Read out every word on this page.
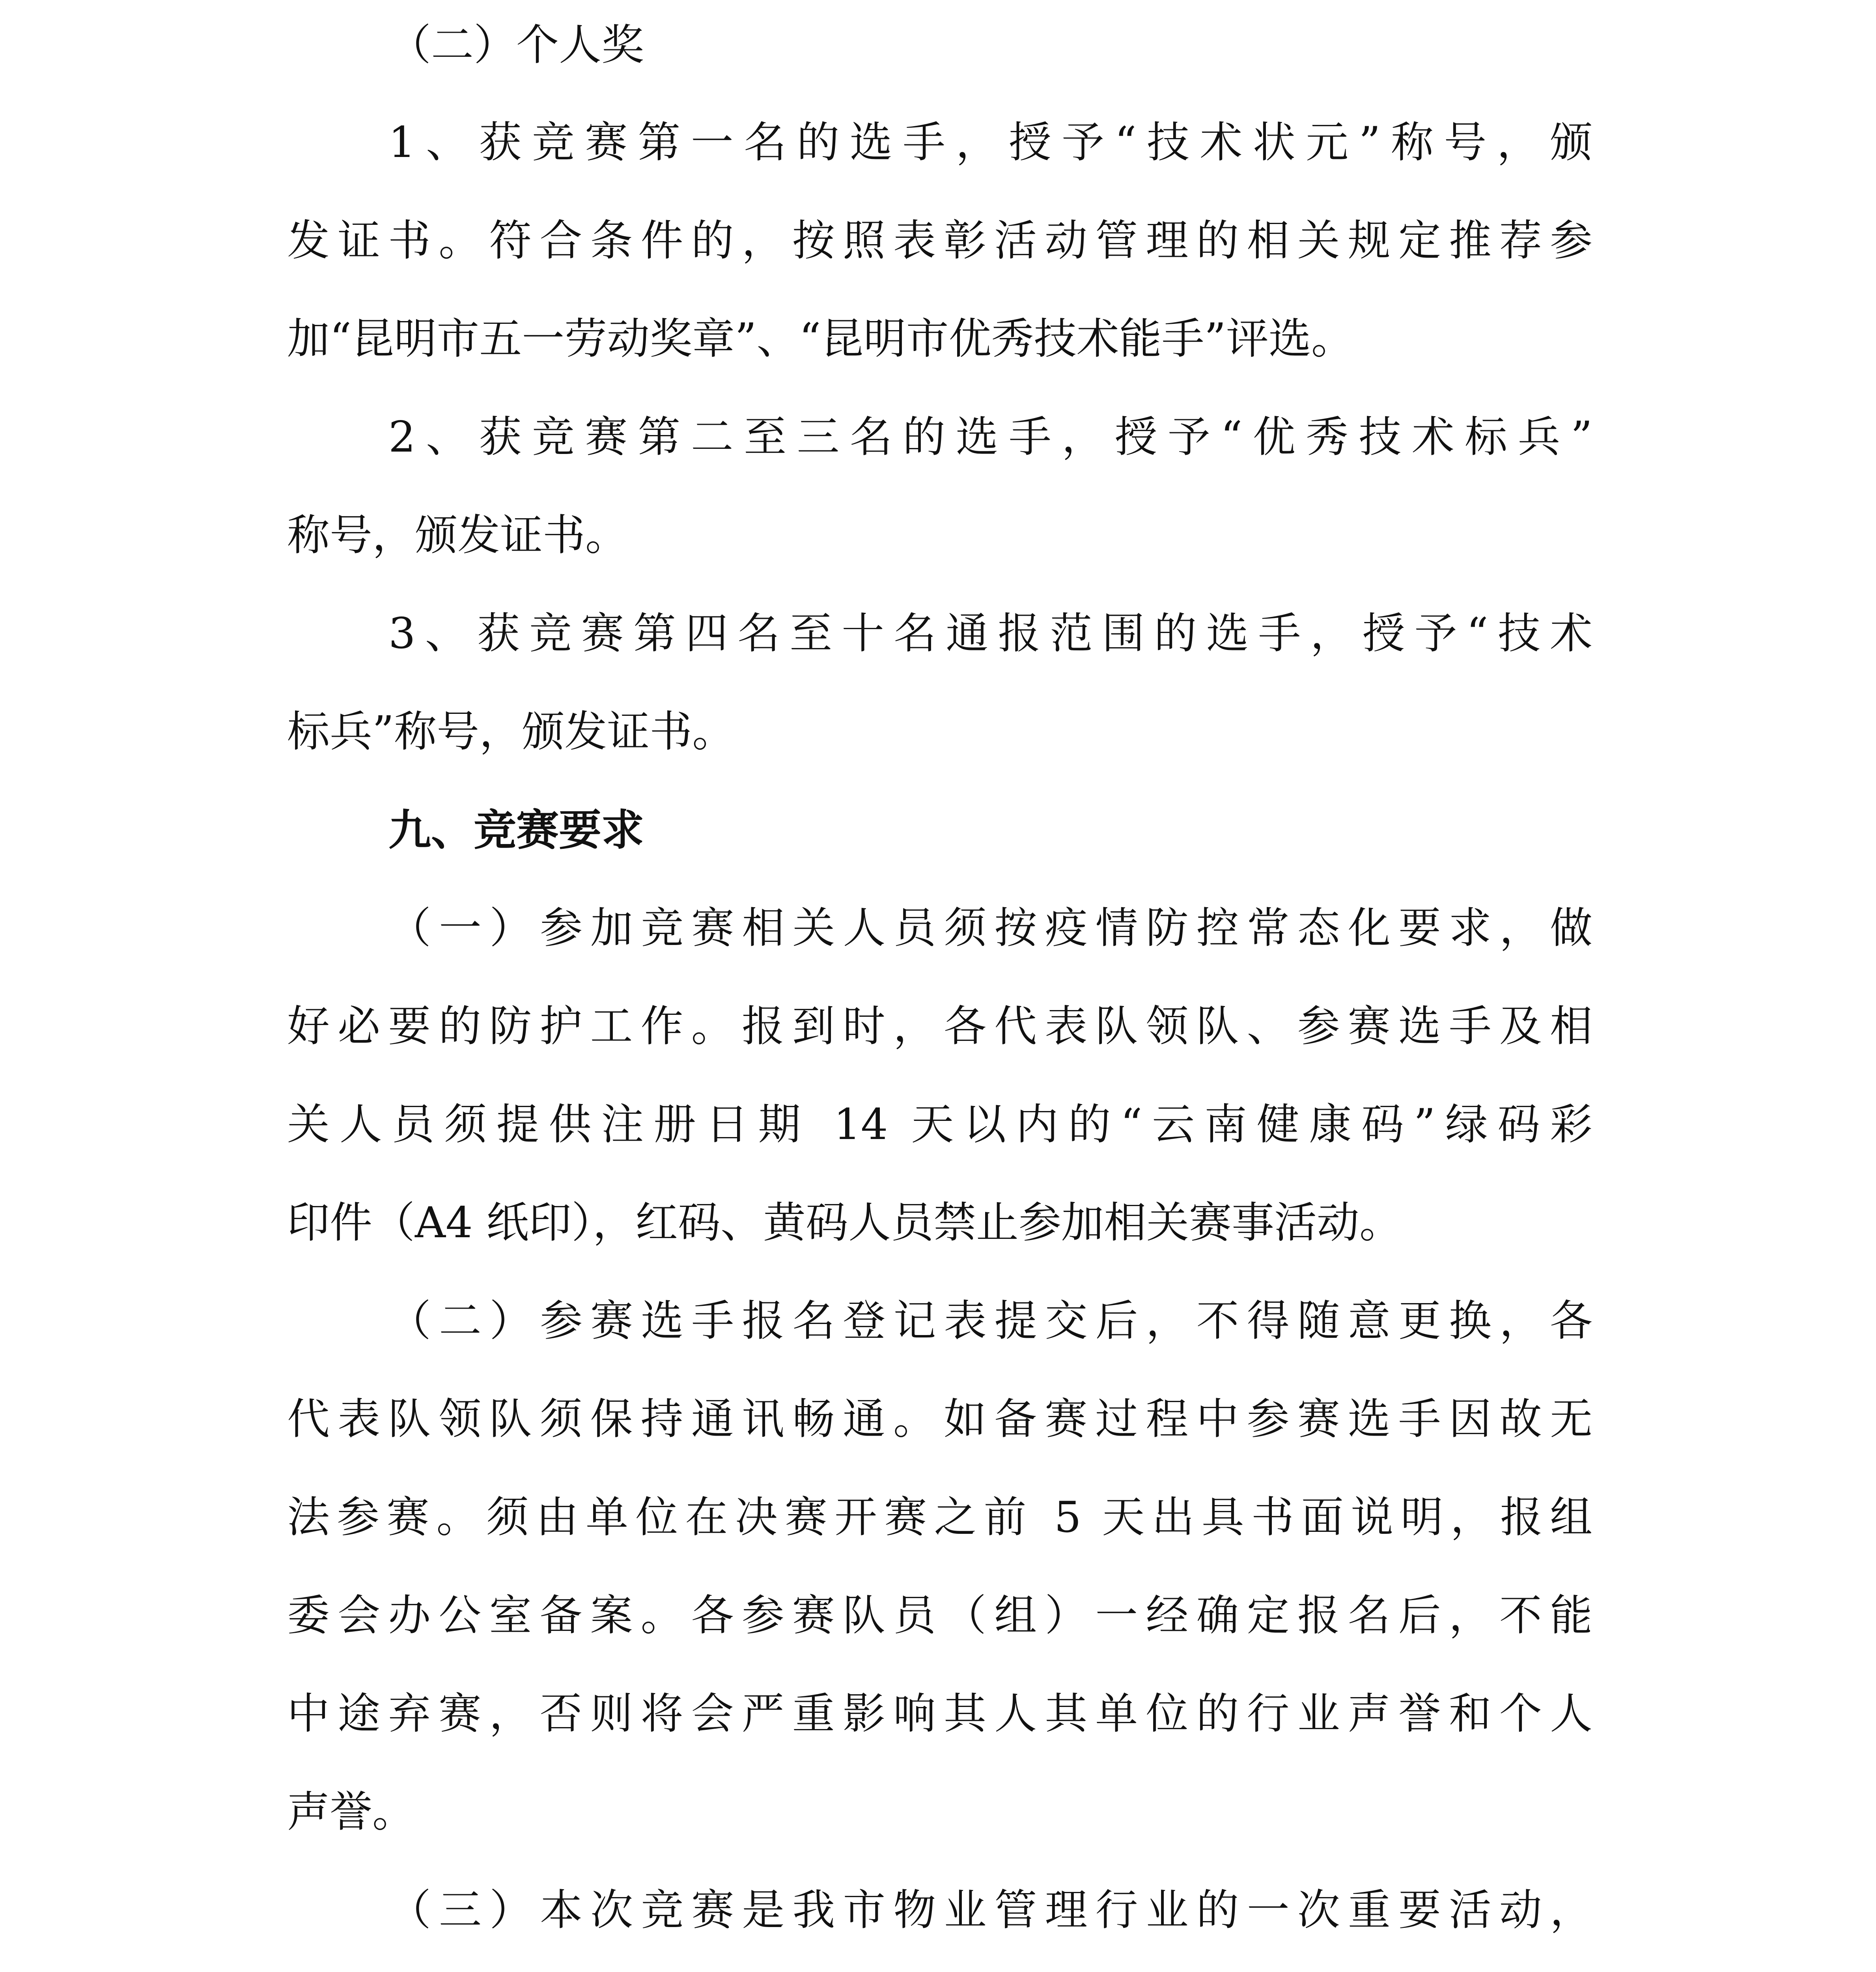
（二）个人奖
1、获竞赛第一名的选手，授予“技术状元”称号，颁
发证书。符合条件的，按照表彰活动管理的相关规定推荐参
加“昆明市五一劳动奖章”、“昆明市优秀技术能手”评选。
2、获竞赛第二至三名的选手，授予“优秀技术标兵”
称号，颁发证书。
3、获竞赛第四名至十名通报范围的选手，授予“技术
标兵”称号，颁发证书。
九、竞赛要求
（一）参加竞赛相关人员须按疫情防控常态化要求，做
好必要的防护工作。报到时，各代表队领队、参赛选手及相
关人员须提供注册日期 14 天以内的“云南健康码”绿码彩
印件（A4 纸印），红码、黄码人员禁止参加相关赛事活动。
（二）参赛选手报名登记表提交后，不得随意更换，各
代表队领队须保持通讯畅通。如备赛过程中参赛选手因故无
法参赛。须由单位在决赛开赛之前 5 天出具书面说明，报组
委会办公室备案。各参赛队员（组）一经确定报名后，不能
中途弃赛，否则将会严重影响其人其单位的行业声誉和个人
声誉。
（三）本次竞赛是我市物业管理行业的一次重要活动，
